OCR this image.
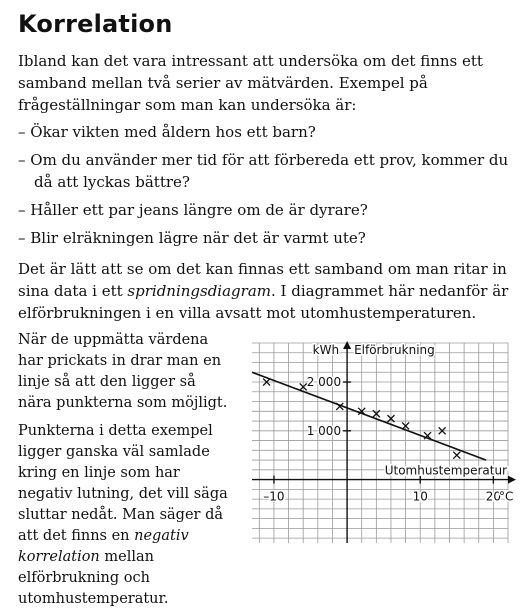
Korrelation

Ibland kan det vara intressant att undersöka om det finns ett samband mellan två serier av mätvärden. Exempel på frågeställningar som man kan undersöka är:

– Ökar vikten med åldern hos ett barn?
– Om du använder mer tid för att förbereda ett prov, kommer du då att lyckas bättre?
– Håller ett par jeans längre om de är dyrare?
– Blir elräkningen lägre när det är varmt ute?

Det är lätt att se om det kan finnas ett samband om man ritar in sina data i ett spridningsdiagram. I diagrammet här nedanför är elförbrukningen i en villa avsatt mot utomhustemperaturen.

När de uppmätta värdena har prickats in drar man en linje så att den ligger så nära punkterna som möjligt.

Punkterna i detta exempel ligger ganska väl samlade kring en linje som har negativ lutning, det vill säga sluttar nedåt. Man säger då att det finns en negativ korrelation mellan elförbrukning och utomhustemperatur.

–10	10	20
1 000
2 000
kWh Elförbrukning
Utomhustemperatur
°C
